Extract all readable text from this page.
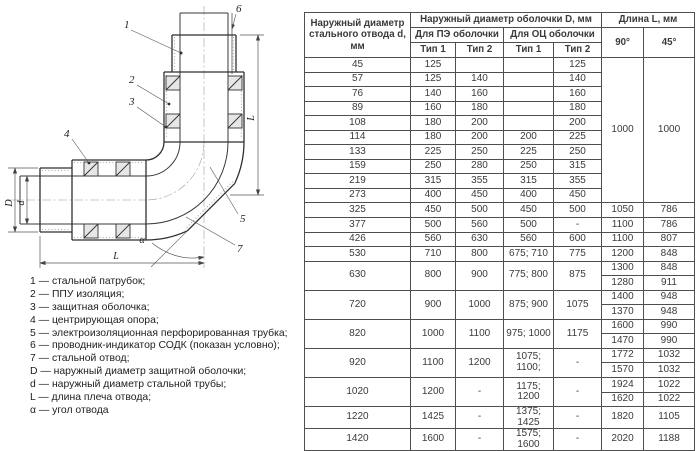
D d
L
L
α
1
6
2
3
4
5
7
1 — стальной патрубок;
2 — ППУ изоляция;
3 — защитная оболочка;
4 — центрирующая опора;
5 — электроизоляционная перфорированная трубка;
6 — проводник-индикатор СОДК (показан условно);
7 — стальной отвод;
D — наружный диаметр защитной оболочки;
d — наружный диаметр стальной трубы;
L — длина плеча отвода;
α — угол отвода
Наружный диаметр стального отвода d, мм	Наружный диаметр оболочки D, мм				Длина L, мм	
	Для ПЭ оболочки		Для ОЦ оболочки		90°	45°
	Тип 1	Тип 2	Тип 1	Тип 2		
45	125			125	1000	1000
57	125	140		140		
76	140	160		160		
89	160	180		180		
108	180	200		200		
114	180	200	200	225		
133	225	250	225	250		
159	250	280	250	315		
219	315	355	315	355		
273	400	450	400	450		
325	450	500	450	500	1050	786
377	500	560	500	-	1100	786
426	560	630	560	600	1100	807
530	710	800	675; 710	775	1200	848
630	800	900	775; 800	875	1300	848
					1280	911
720	900	1000	875; 900	1075	1400	948
					1370	948
820	1000	1100	975; 1000	1175	1600	990
					1470	990
920	1100	1200	1075; 1100;	-	1772	1032
					1570	1032
1020	1200	-	1175; 1200	-	1924	1022
					1620	1022
1220	1425	-	1375; 1425	-	1820	1105
1420	1600	-	1575; 1600	-	2020	1188
